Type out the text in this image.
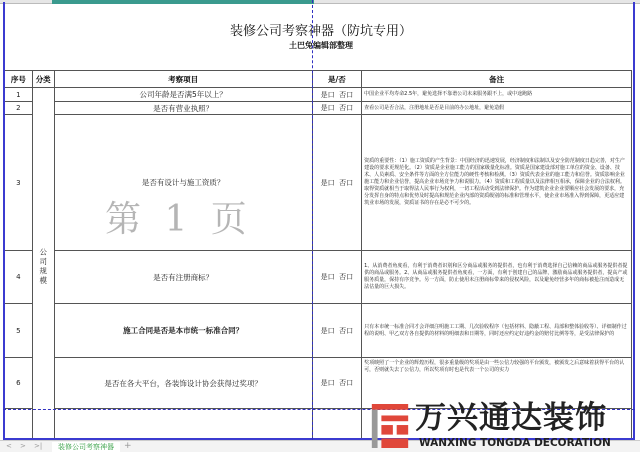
装修公司考察神器（防坑专用）
土巴兔编辑部整理
序号	分类	考察项目	是/否	备注
1	公司规模	公司年龄是否满5年以上？	是口 否口	中国企业平均寿命2.5年，避免选择不靠谱公司未来服务跟不上，或中途跑路
2		是否有营业执照？	是口 否口	查看公司是否合法，注册地址是否是目前的办公地址，避免造假
3		是否有设计与施工资质？	是口 否口	资质的重要性：（1）施工资质的产生背景：中国经济的迅速发展，经济制度和法制以及安全防范制度日趋完善，对生产建设的要求更规范化。（2）资质是企业施工能力的国家级量化标准。资质是国家建设部对施工单位的资金、设备、技术、人员素质、安全条件等方面的全方位能力的硬性考核和检测。（3）资质代表企业的施工能力和信誉。资质影响企业施工能力和企业信誉，提高企业市场竞争力和说服力。（4）资质和工程质量以及法律相互相承，保障企业的合法权利。取得资质就相当于取得法人民事行为权利，一切工程活动受到法律保护。作为建筑企业企业要顺应社会发展的要求，充分发挥自身的特点和优势及时提高和规范企业内部的资质级别的标准和管理水平，使企业市场准入得到保障，更适应建筑业市场的发展，资质证书的存在是必不可少的。
4		是否有注册商标？	是口 否口	1、从消费者角度看，有利于消费者识别和区分商品或服务的提供者，也有利于消费选择自己信赖的商品或服务提供者提供的商品或服务。2、从商品或服务提供者角度看，一方面，有利于创建自己的品牌，激励商品或服务提供者，提高产或服务质量，保持有序竞争。另一方面，防止使用未注册商标带来的侵权风险，以及避免经营多年的商标被抢注而造成无法估量的巨大损失。
5		施工合同是否是本市统一标准合同？	是口 否口	只有本市统一标准合同才会详细注明施工工期、几次验收程序（包括材料、隐蔽工程、局部和整体验收等）、详细制作过程的说明、甲乙双方各自提供的材料的明细表和日期等，同时还应约定好违约金的赔付比例等等，是受法律保护的
6		是否在各大平台，各装饰设计协会获得过奖项？	是口 否口	奖项映照了一个企业的辉煌历程，很多重量级的奖项是由一些公信力较强的平台颁发，被颁发之后意味着获得平台的认可，否则就失去了公信力，所以奖项有时也是代表一个公司的实力

第 1 页
< > >|	装修公司考察神器	+
万兴通达装饰
WANXING TONGDA DECORATION
